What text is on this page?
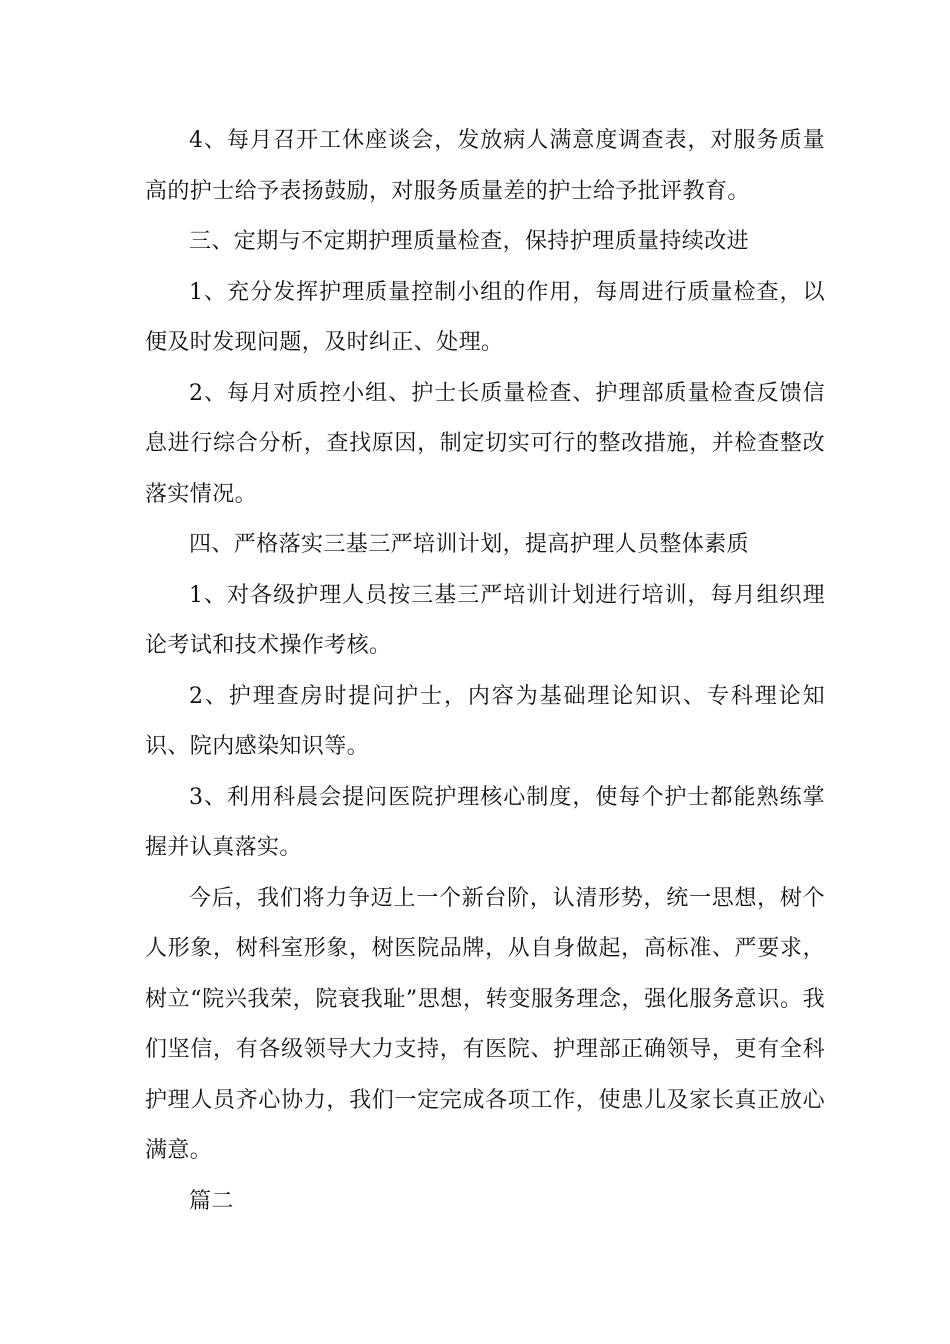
4、每月召开工休座谈会，发放病人满意度调查表，对服务质量高的护士给予表扬鼓励，对服务质量差的护士给予批评教育。

三、定期与不定期护理质量检查，保持护理质量持续改进

1、充分发挥护理质量控制小组的作用，每周进行质量检查，以便及时发现问题，及时纠正、处理。

2、每月对质控小组、护士长质量检查、护理部质量检查反馈信息进行综合分析，查找原因，制定切实可行的整改措施，并检查整改落实情况。

四、严格落实三基三严培训计划，提高护理人员整体素质

1、对各级护理人员按三基三严培训计划进行培训，每月组织理论考试和技术操作考核。

2、护理查房时提问护士，内容为基础理论知识、专科理论知识、院内感染知识等。

3、利用科晨会提问医院护理核心制度，使每个护士都能熟练掌握并认真落实。

今后，我们将力争迈上一个新台阶，认清形势，统一思想，树个人形象，树科室形象，树医院品牌，从自身做起，高标准、严要求，树立“院兴我荣，院衰我耻”思想，转变服务理念，强化服务意识。我们坚信，有各级领导大力支持，有医院、护理部正确领导，更有全科护理人员齐心协力，我们一定完成各项工作，使患儿及家长真正放心满意。

篇二
